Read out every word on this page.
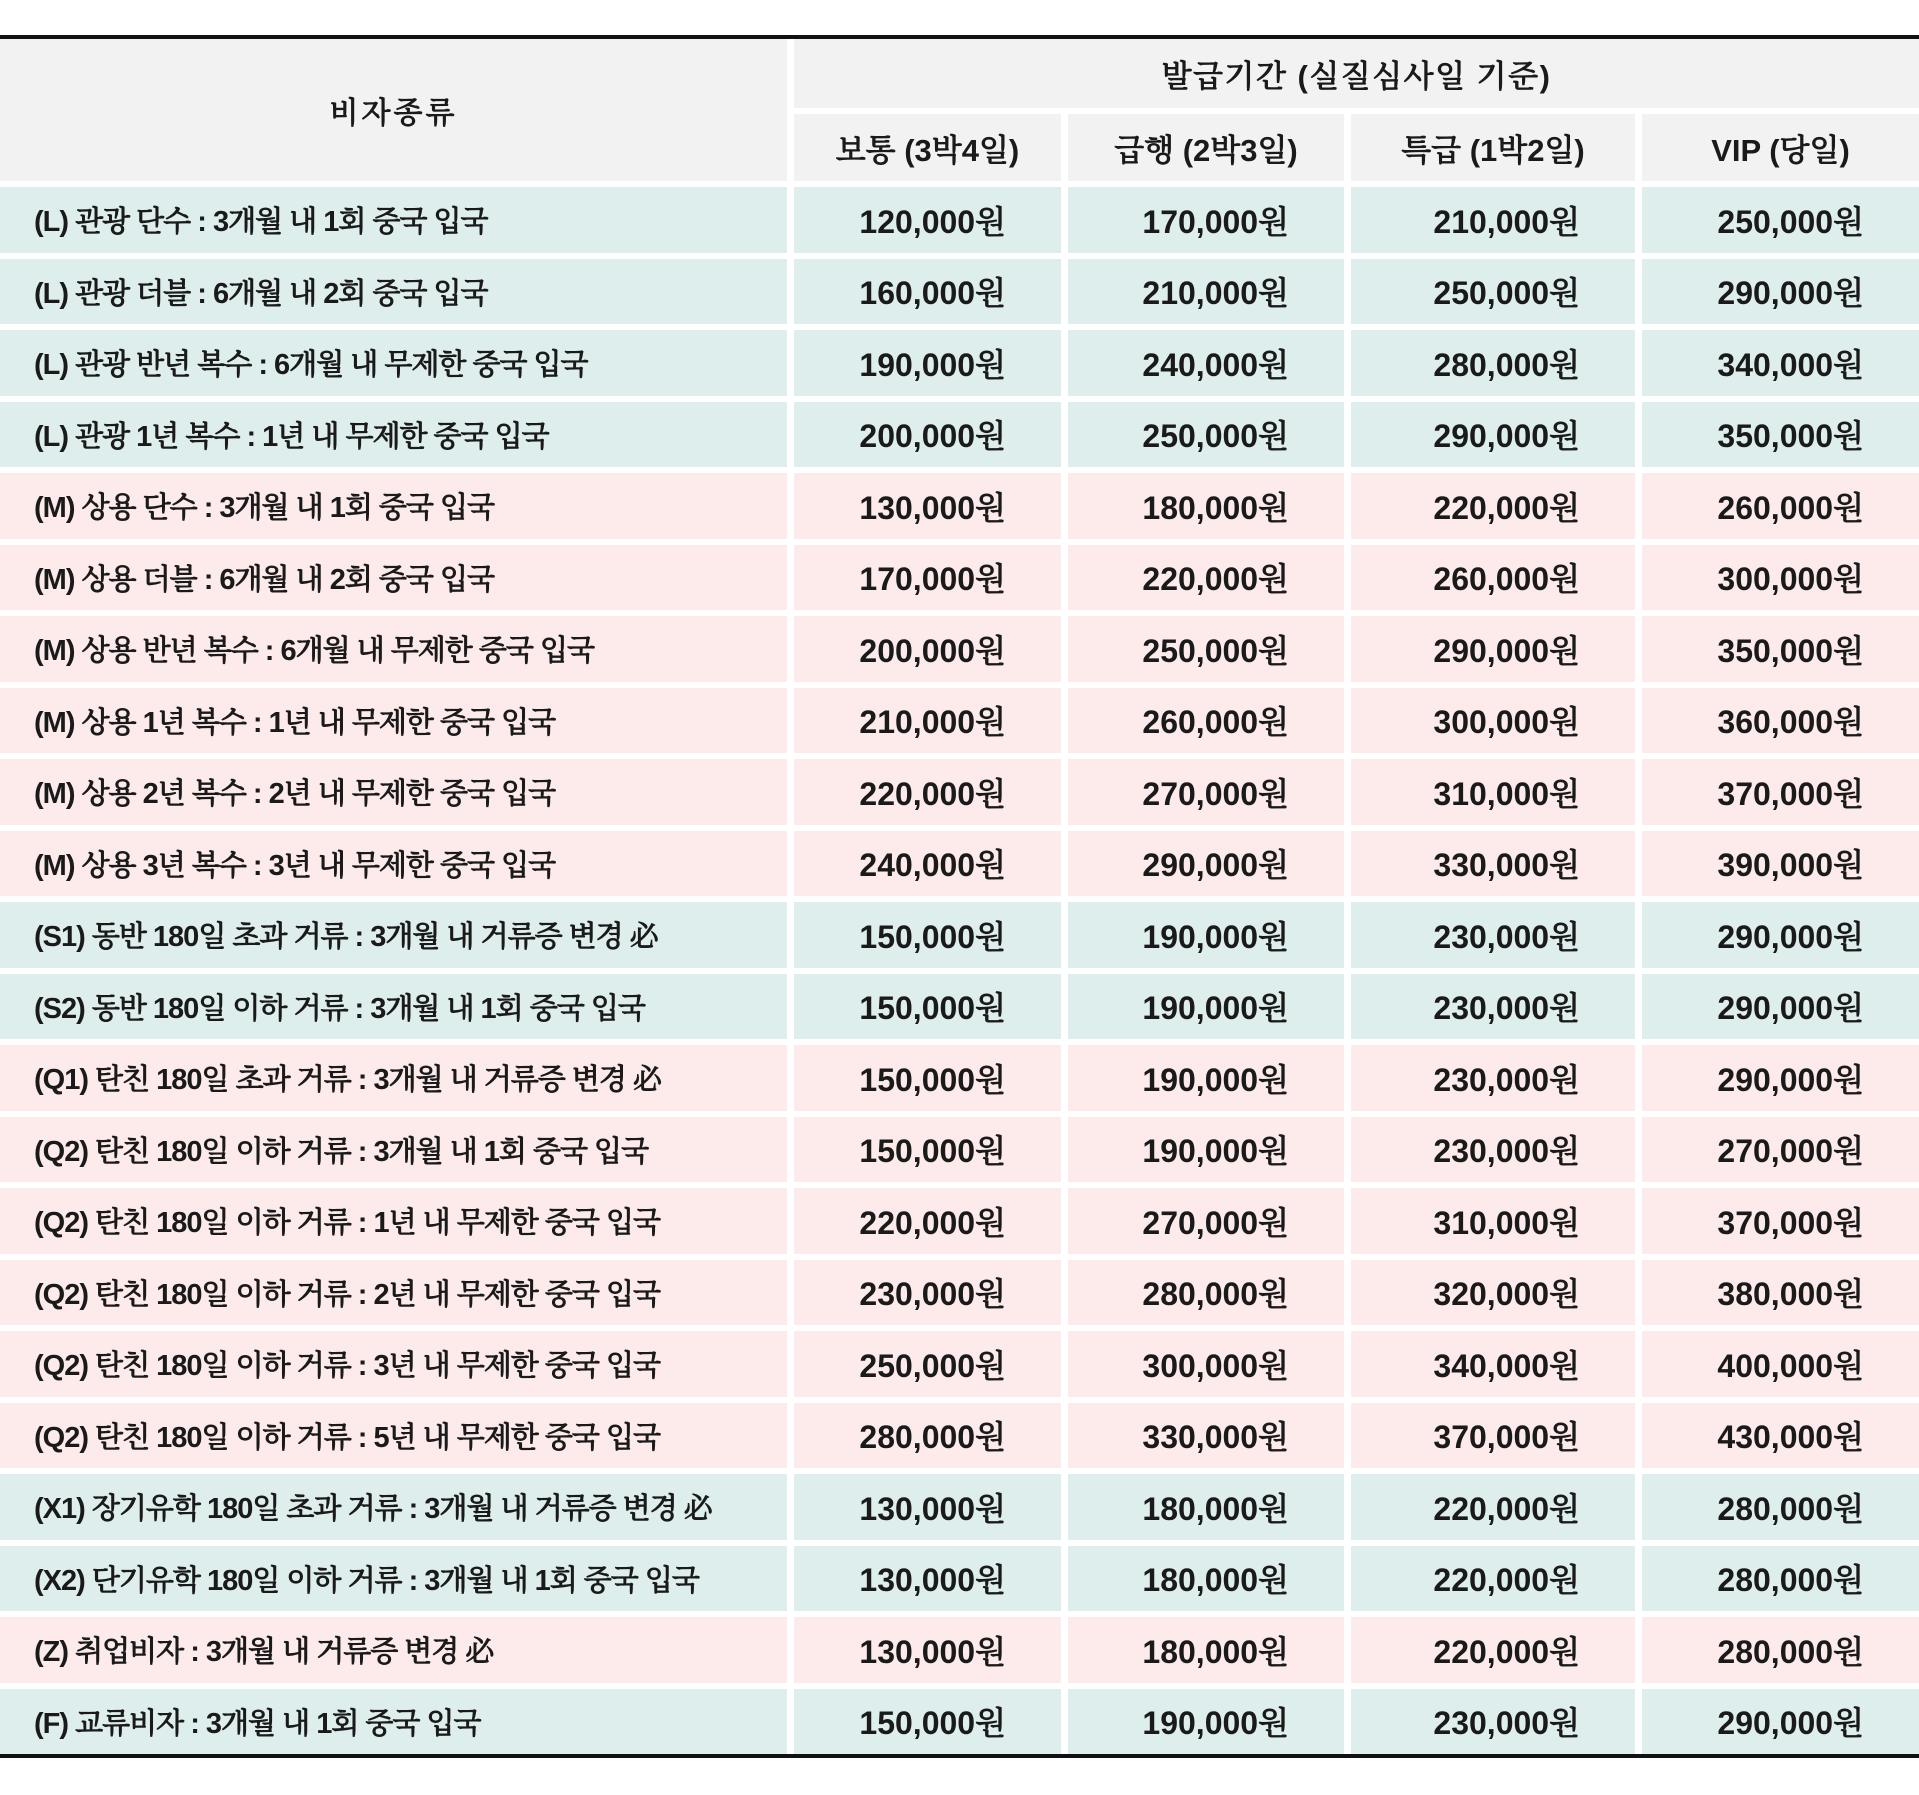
비자종류
발급기간 (실질심사일 기준)
보통 (3박4일)	급행 (2박3일)	특급 (1박2일)	VIP (당일)
(L) 관광 단수 : 3개월 내 1회 중국 입국	120,000원	170,000원	210,000원	250,000원
(L) 관광 더블 : 6개월 내 2회 중국 입국	160,000원	210,000원	250,000원	290,000원
(L) 관광 반년 복수 : 6개월 내 무제한 중국 입국	190,000원	240,000원	280,000원	340,000원
(L) 관광 1년 복수 : 1년 내 무제한 중국 입국	200,000원	250,000원	290,000원	350,000원
(M) 상용 단수 : 3개월 내 1회 중국 입국	130,000원	180,000원	220,000원	260,000원
(M) 상용 더블 : 6개월 내 2회 중국 입국	170,000원	220,000원	260,000원	300,000원
(M) 상용 반년 복수 : 6개월 내 무제한 중국 입국	200,000원	250,000원	290,000원	350,000원
(M) 상용 1년 복수 : 1년 내 무제한 중국 입국	210,000원	260,000원	300,000원	360,000원
(M) 상용 2년 복수 : 2년 내 무제한 중국 입국	220,000원	270,000원	310,000원	370,000원
(M) 상용 3년 복수 : 3년 내 무제한 중국 입국	240,000원	290,000원	330,000원	390,000원
(S1) 동반 180일 초과 거류 : 3개월 내 거류증 변경 必	150,000원	190,000원	230,000원	290,000원
(S2) 동반 180일 이하 거류 : 3개월 내 1회 중국 입국	150,000원	190,000원	230,000원	290,000원
(Q1) 탄친 180일 초과 거류 : 3개월 내 거류증 변경 必	150,000원	190,000원	230,000원	290,000원
(Q2) 탄친 180일 이하 거류 : 3개월 내 1회 중국 입국	150,000원	190,000원	230,000원	270,000원
(Q2) 탄친 180일 이하 거류 : 1년 내 무제한 중국 입국	220,000원	270,000원	310,000원	370,000원
(Q2) 탄친 180일 이하 거류 : 2년 내 무제한 중국 입국	230,000원	280,000원	320,000원	380,000원
(Q2) 탄친 180일 이하 거류 : 3년 내 무제한 중국 입국	250,000원	300,000원	340,000원	400,000원
(Q2) 탄친 180일 이하 거류 : 5년 내 무제한 중국 입국	280,000원	330,000원	370,000원	430,000원
(X1) 장기유학 180일 초과 거류 : 3개월 내 거류증 변경 必	130,000원	180,000원	220,000원	280,000원
(X2) 단기유학 180일 이하 거류 : 3개월 내 1회 중국 입국	130,000원	180,000원	220,000원	280,000원
(Z) 취업비자 : 3개월 내 거류증 변경 必	130,000원	180,000원	220,000원	280,000원
(F) 교류비자 : 3개월 내 1회 중국 입국	150,000원	190,000원	230,000원	290,000원
